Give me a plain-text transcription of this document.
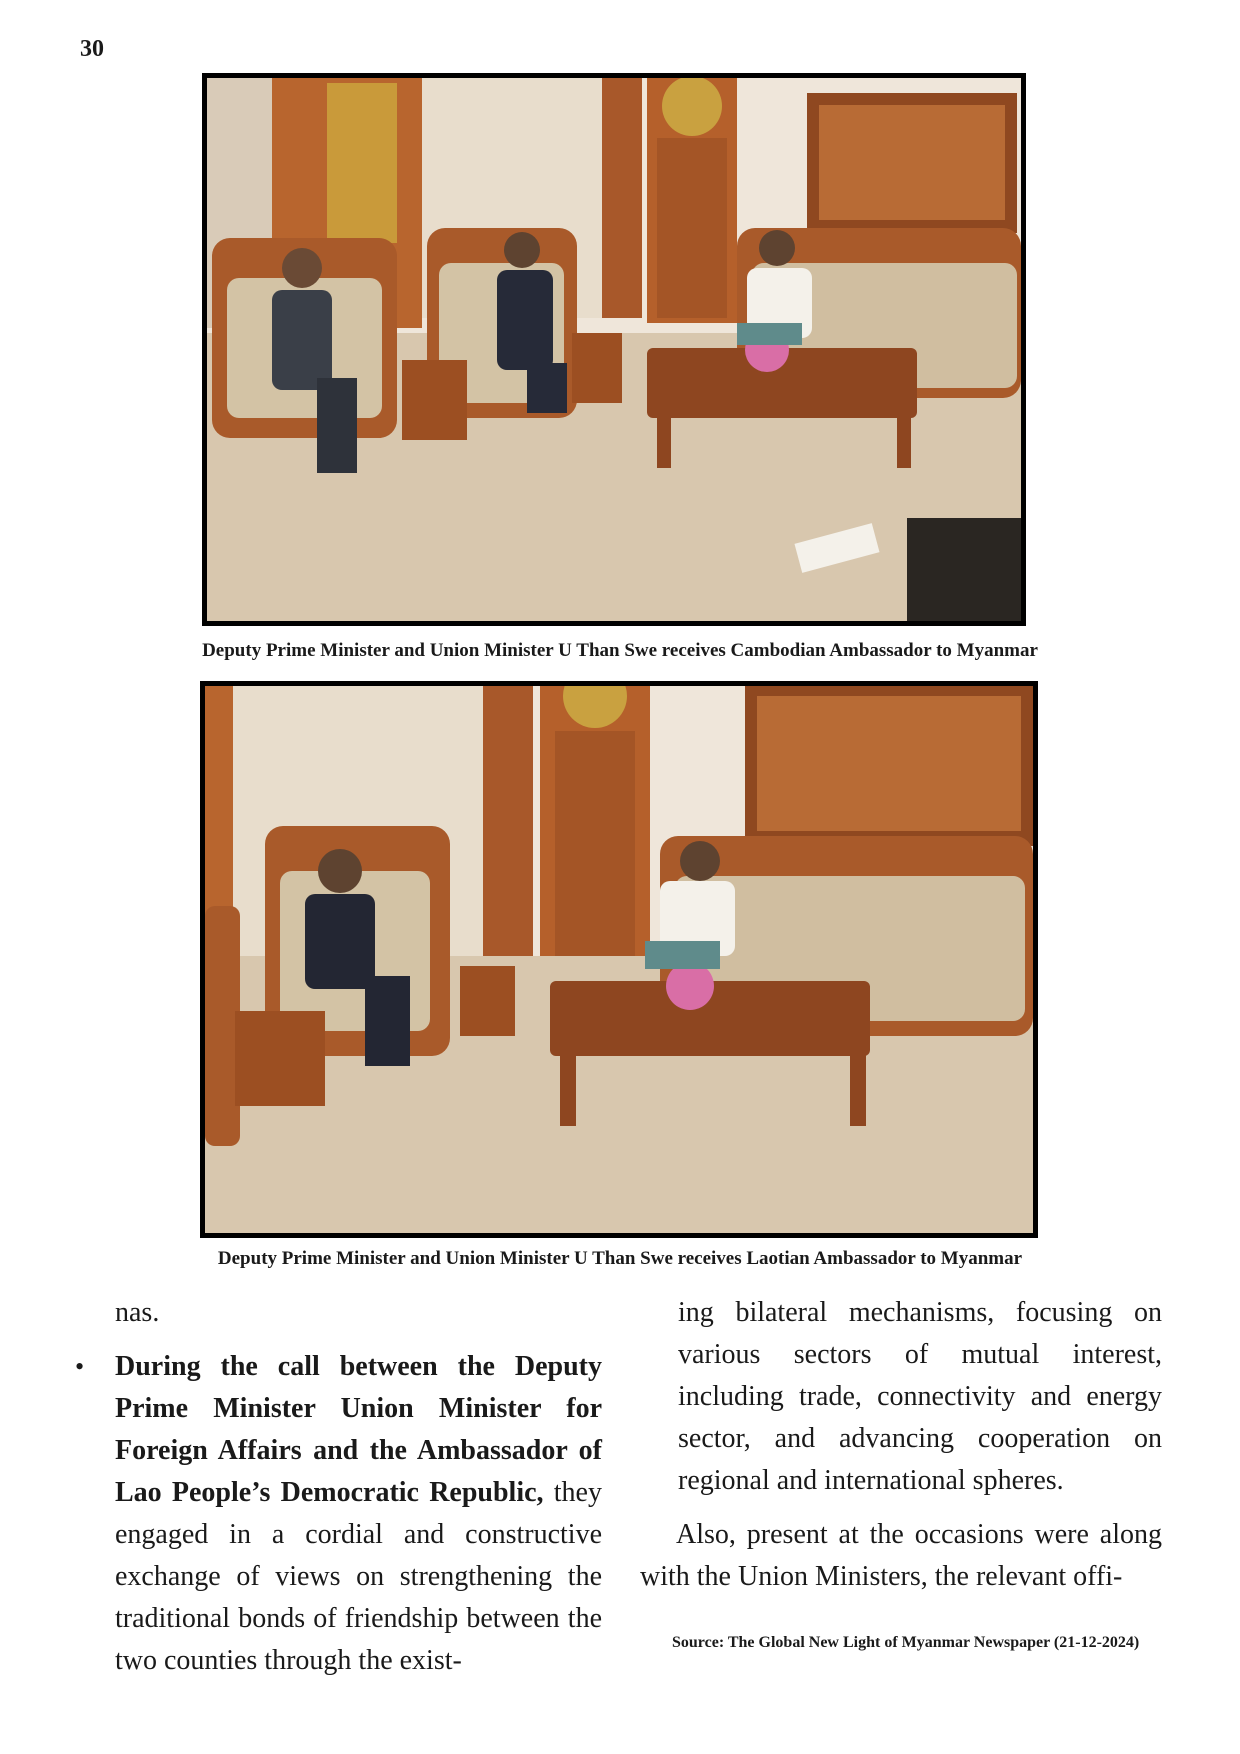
30
Deputy Prime Minister and Union Minister U Than Swe receives Cambodian Ambassador to Myanmar
Deputy Prime Minister and Union Minister U Than Swe receives Laotian Ambassador to Myanmar

nas.

• During the call between the Deputy Prime Minister Union Minister for Foreign Affairs and the Ambassador of Lao People’s Democratic Republic, they engaged in a cordial and constructive exchange of views on strengthening the traditional bonds of friendship between the two counties through the exist-

ing bilateral mechanisms, focusing on various sectors of mutual interest, including trade, connectivity and energy sector, and advancing cooperation on regional and international spheres.

Also, present at the occasions were along with the Union Ministers, the relevant offi-

Source: The Global New Light of Myanmar Newspaper (21-12-2024)
